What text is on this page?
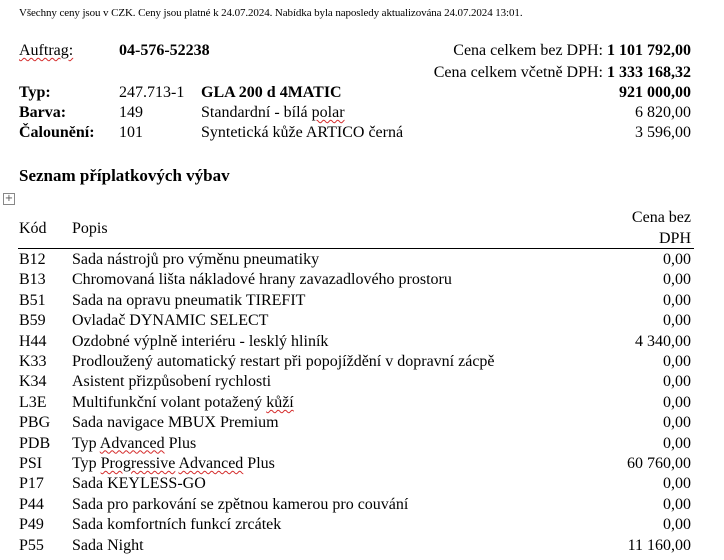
Všechny ceny jsou v CZK. Ceny jsou platné k 24.07.2024. Nabídka byla naposledy aktualizována 24.07.2024 13:01.
Auftrag:	04-576-52238	Cena celkem bez DPH: 1 101 792,00
Cena celkem včetně DPH: 1 333 168,32
Typ:	247.713-1 GLA 200 d 4MATIC	921 000,00
Barva:	149	Standardní - bílá polar	6 820,00
Čalounění: 101	Syntetická kůže ARTICO černá	3 596,00
Seznam příplatkových výbav
+
Kód Popis
Cena bez
DPH
B12 Sada nástrojů pro výměnu pneumatiky	0,00
B13 Chromovaná lišta nákladové hrany zavazadlového prostoru	0,00
B51 Sada na opravu pneumatik TIREFIT	0,00
B59 Ovladač DYNAMIC SELECT	0,00
H44 Ozdobné výplně interiéru - lesklý hliník	4 340,00
K33 Prodloužený automatický restart při popojíždění v dopravní zácpě	0,00
K34 Asistent přizpůsobení rychlosti	0,00
L3E Multifunkční volant potažený kůží	0,00
PBG Sada navigace MBUX Premium	0,00
PDB Typ Advanced Plus	0,00
PSI Typ Progressive Advanced Plus	60 760,00
P17 Sada KEYLESS-GO	0,00
P44 Sada pro parkování se zpětnou kamerou pro couvání	0,00
P49 Sada komfortních funkcí zrcátek	0,00
P55 Sada Night	11 160,00
